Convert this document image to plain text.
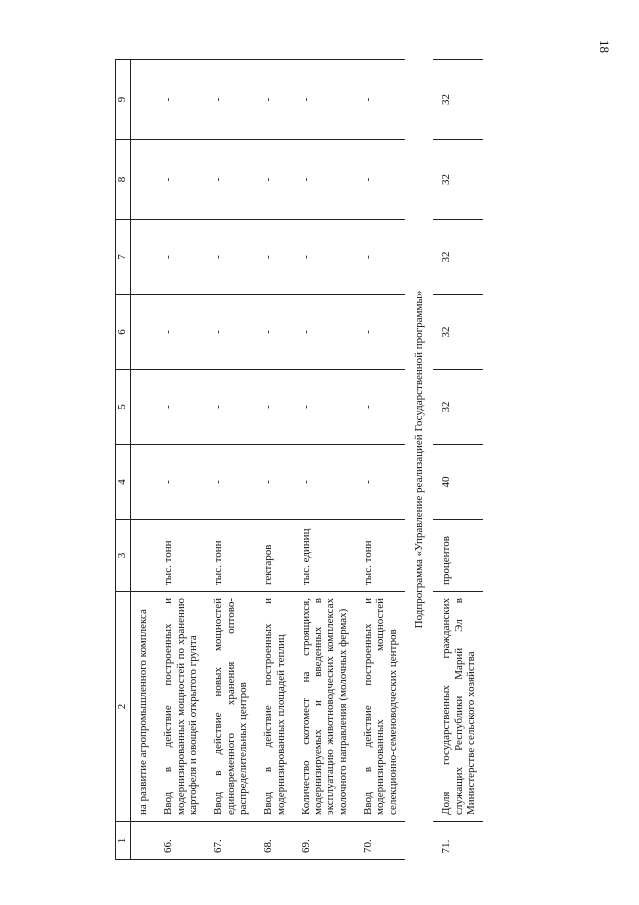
18
1	2	3	4	5	6	7	8	9
	на развитие агропромышленного комплекса							
66.	Ввод в действие построенных и модернизированных мощностей по хранению картофеля и овощей открытого грунта	тыс. тонн	-	-	-	-	-	-
67.	Ввод в действие новых мощностей единовременного хранения оптово-распределительных центров	тыс. тонн	-	-	-	-	-	-
68.	Ввод в действие построенных и модернизированных площадей теплиц	гектаров	-	-	-	-	-	-
69.	Количество скотомест на строящихся, модернизируемых и введенных в эксплуатацию животноводческих комплексах молочного направления (молочных фермах)	тыс. единиц	-	-	-	-	-	-
70.	Ввод в действие построенных и модернизированных мощностей селекционно-семеноводческих центров	тыс. тонн	-	-	-	-	-	-
Подпрограмма «Управление реализацией Государственной программы»								
71.	Доля государственных гражданских служащих Республики Марий Эл в Министерстве сельского хозяйства	процентов	40	32	32	32	32	32
